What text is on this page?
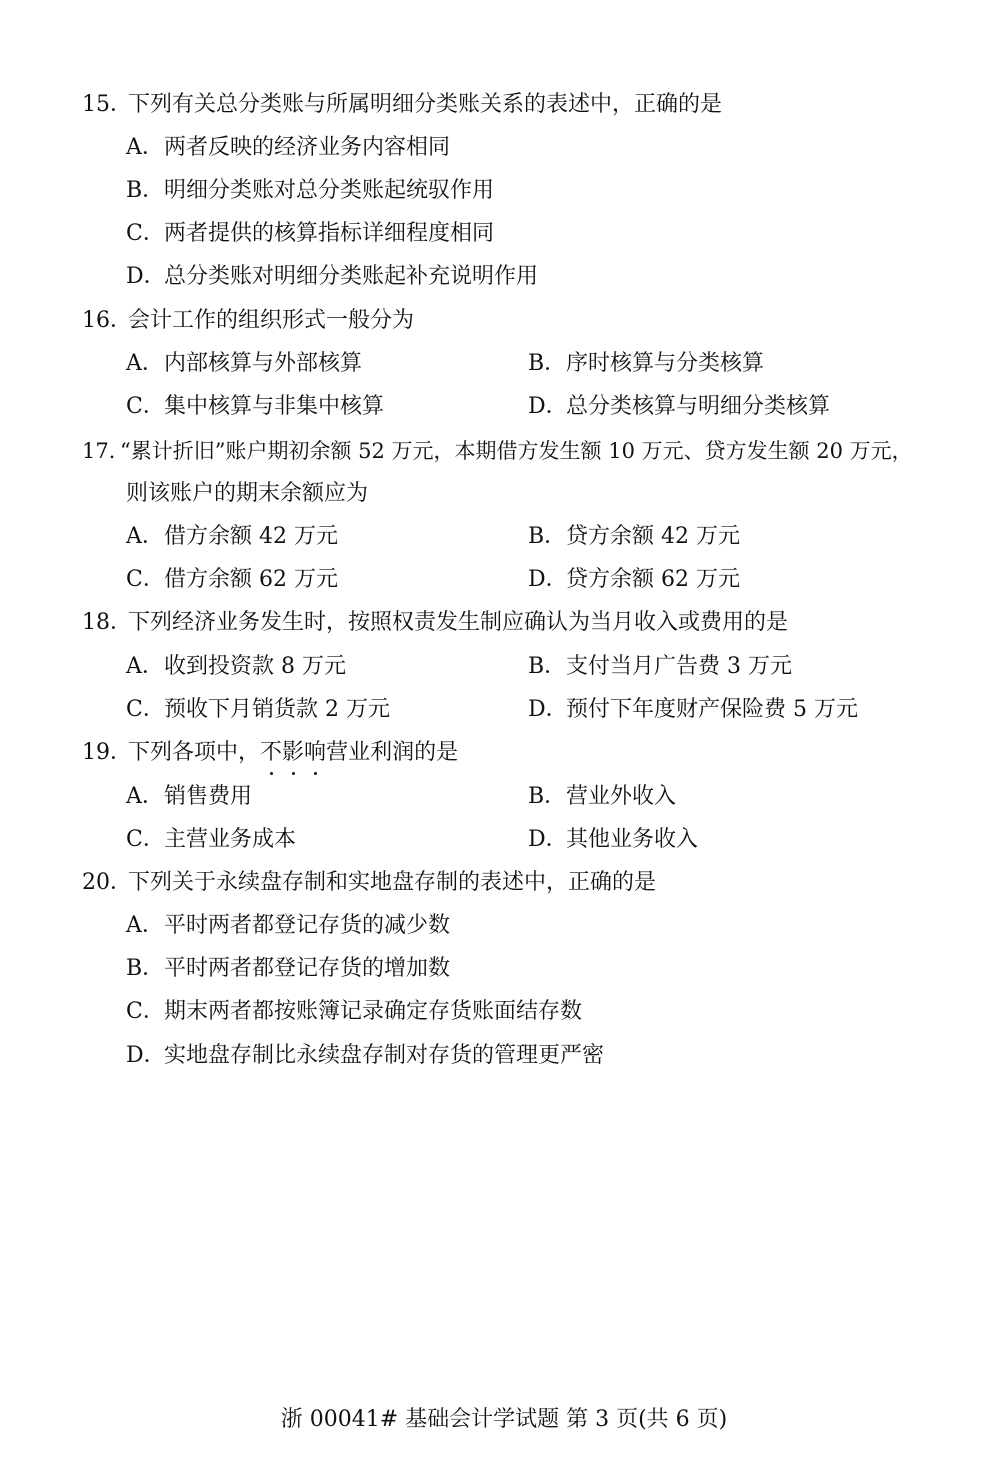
15．下列有关总分类账与所属明细分类账关系的表述中，正确的是
A．两者反映的经济业务内容相同
B．明细分类账对总分类账起统驭作用
C．两者提供的核算指标详细程度相同
D．总分类账对明细分类账起补充说明作用
16．会计工作的组织形式一般分为
A．内部核算与外部核算	B．序时核算与分类核算
C．集中核算与非集中核算	D．总分类核算与明细分类核算
17．“累计折旧”账户期初余额 52 万元，本期借方发生额 10 万元、贷方发生额 20 万元，
则该账户的期末余额应为
A．借方余额 42 万元	B．贷方余额 42 万元
C．借方余额 62 万元	D．贷方余额 62 万元
18．下列经济业务发生时，按照权责发生制应确认为当月收入或费用的是
A．收到投资款 8 万元	B．支付当月广告费 3 万元
C．预收下月销货款 2 万元	D．预付下年度财产保险费 5 万元
19．下列各项中，不影响营业利润的是
A．销售费用	B．营业外收入
C．主营业务成本	D．其他业务收入
20．下列关于永续盘存制和实地盘存制的表述中，正确的是
A．平时两者都登记存货的减少数
B．平时两者都登记存货的增加数
C．期末两者都按账簿记录确定存货账面结存数
D．实地盘存制比永续盘存制对存货的管理更严密
浙 00041# 基础会计学试题 第 3 页(共 6 页)
